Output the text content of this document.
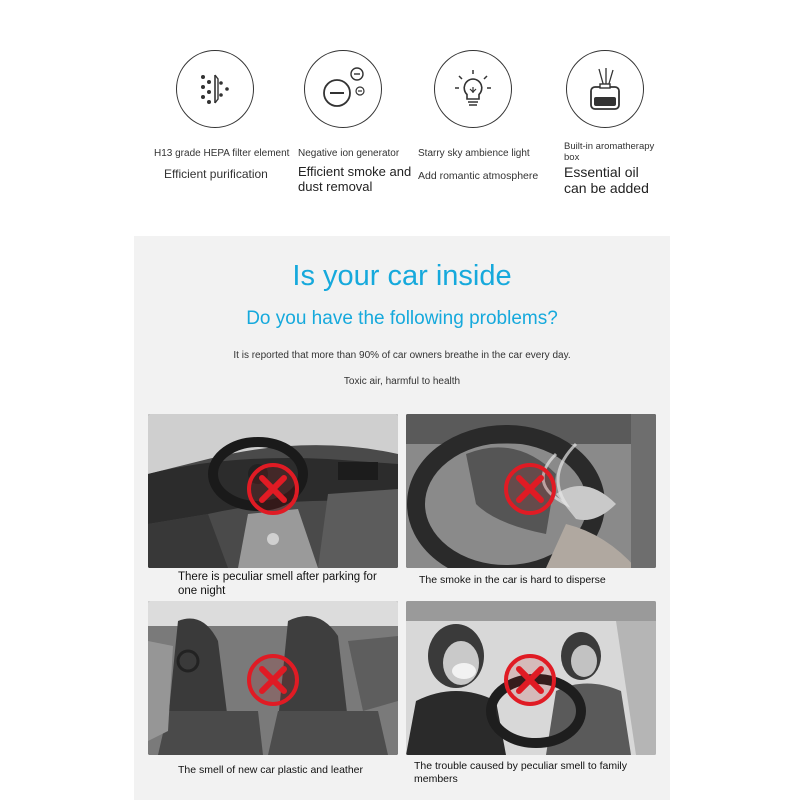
H13 grade HEPA filter element
Efficient purification
Negative ion generator
Efficient smoke and dust removal
Starry sky ambience light
Add romantic atmosphere
Built-in aromatherapy box
Essential oil can be added
Is your car inside
Do you have the following problems?
It is reported that more than 90% of car owners breathe in the car every day.
Toxic air, harmful to health
There is peculiar smell after parking for one night
The smoke in the car is hard to disperse
The smell of new car plastic and leather	The trouble caused by peculiar smell to family members
